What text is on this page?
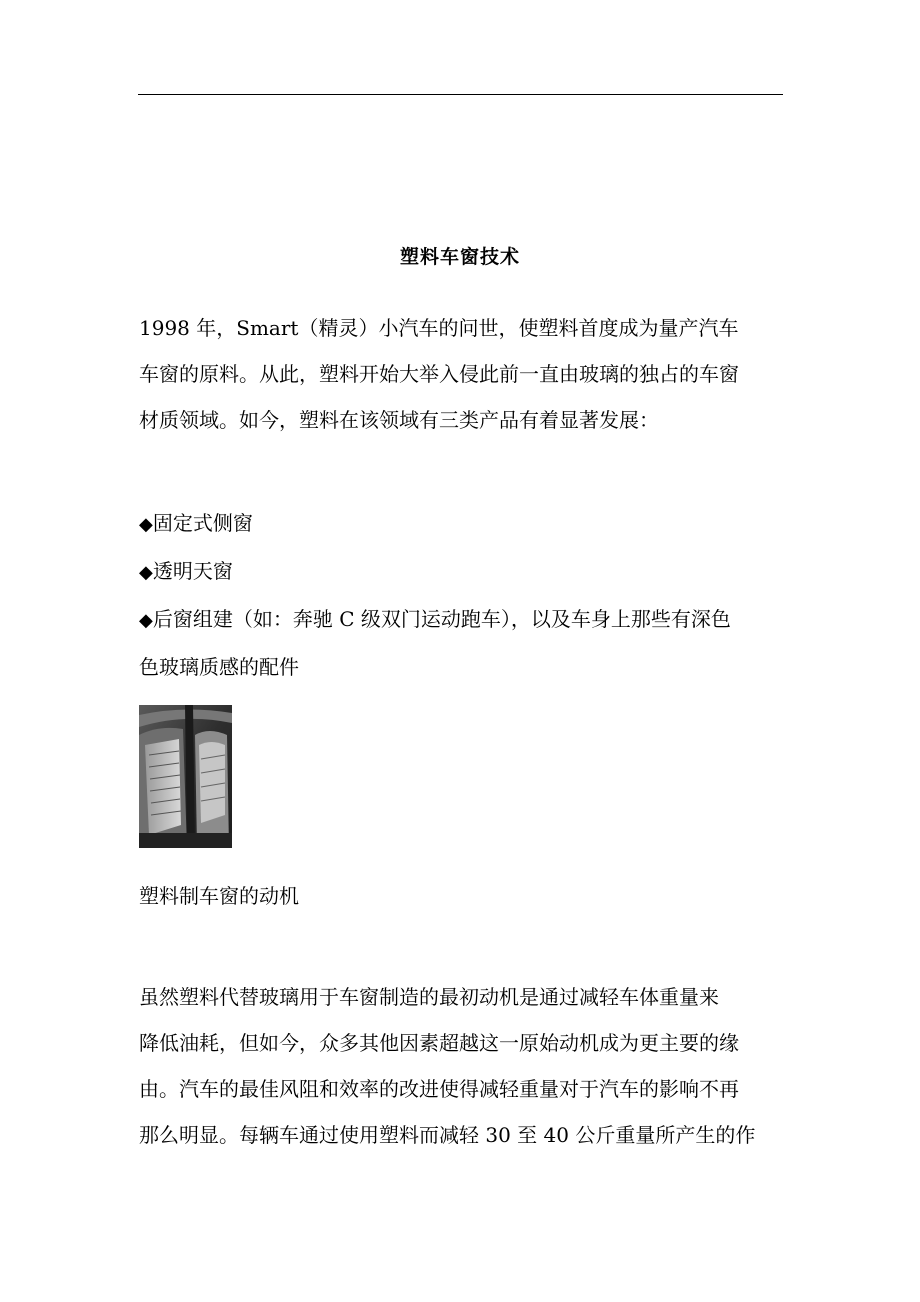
塑料车窗技术
1998 年，Smart（精灵）小汽车的问世，使塑料首度成为量产汽车
车窗的原料。从此，塑料开始大举入侵此前一直由玻璃的独占的车窗
材质领域。如今，塑料在该领域有三类产品有着显著发展：
◆固定式侧窗
◆透明天窗
◆后窗组建（如：奔驰 C 级双门运动跑车），以及车身上那些有深色
色玻璃质感的配件
塑料制车窗的动机
虽然塑料代替玻璃用于车窗制造的最初动机是通过减轻车体重量来
降低油耗，但如今，众多其他因素超越这一原始动机成为更主要的缘
由。汽车的最佳风阻和效率的改进使得减轻重量对于汽车的影响不再
那么明显。每辆车通过使用塑料而减轻 30 至 40 公斤重量所产生的作
